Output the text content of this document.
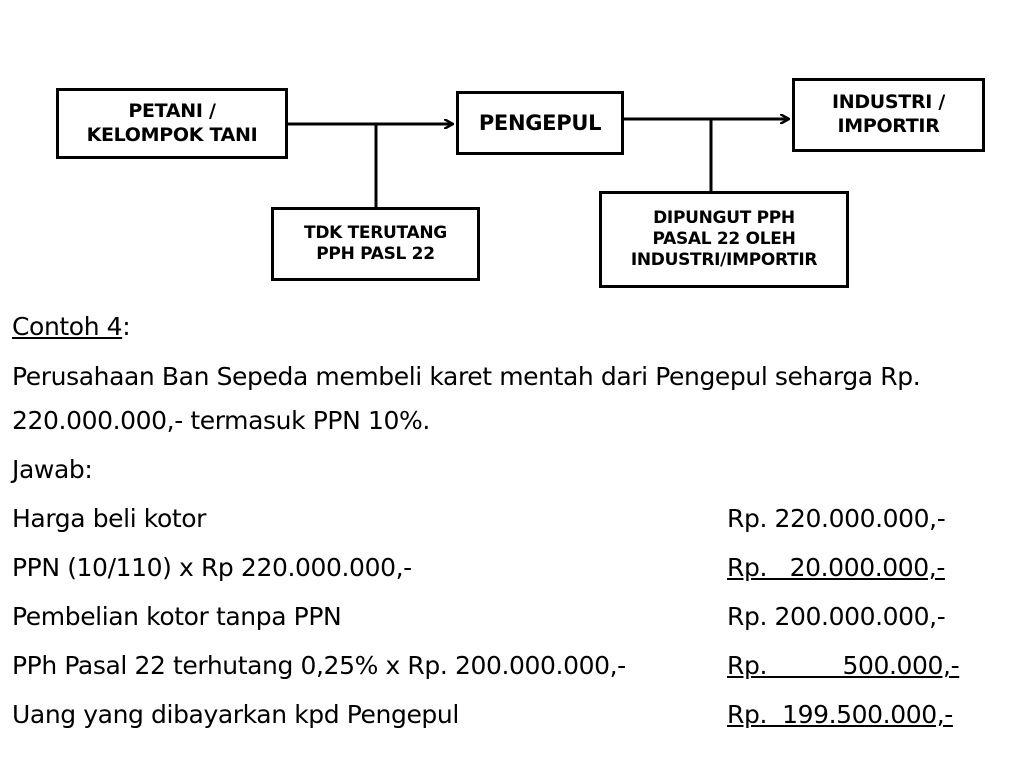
PETANI /
KELOMPOK TANI	PENGEPUL
INDUSTRI /
IMPORTIR
TDK TERUTANG
PPH PASL 22
DIPUNGUT PPH
PASAL 22 OLEH
INDUSTRI/IMPORTIR
Contoh 4:
Perusahaan Ban Sepeda membeli karet mentah dari Pengepul seharga Rp. 220.000.000,- termasuk PPN 10%.
Jawab:
Harga beli kotor	Rp. 220.000.000,-
PPN (10/110) x Rp 220.000.000,-	Rp.   20.000.000,-
Pembelian kotor tanpa PPN	Rp. 200.000.000,-
PPh Pasal 22 terhutang 0,25% x Rp. 200.000.000,-	Rp.          500.000,-
Uang yang dibayarkan kpd Pengepul	Rp.  199.500.000,-
